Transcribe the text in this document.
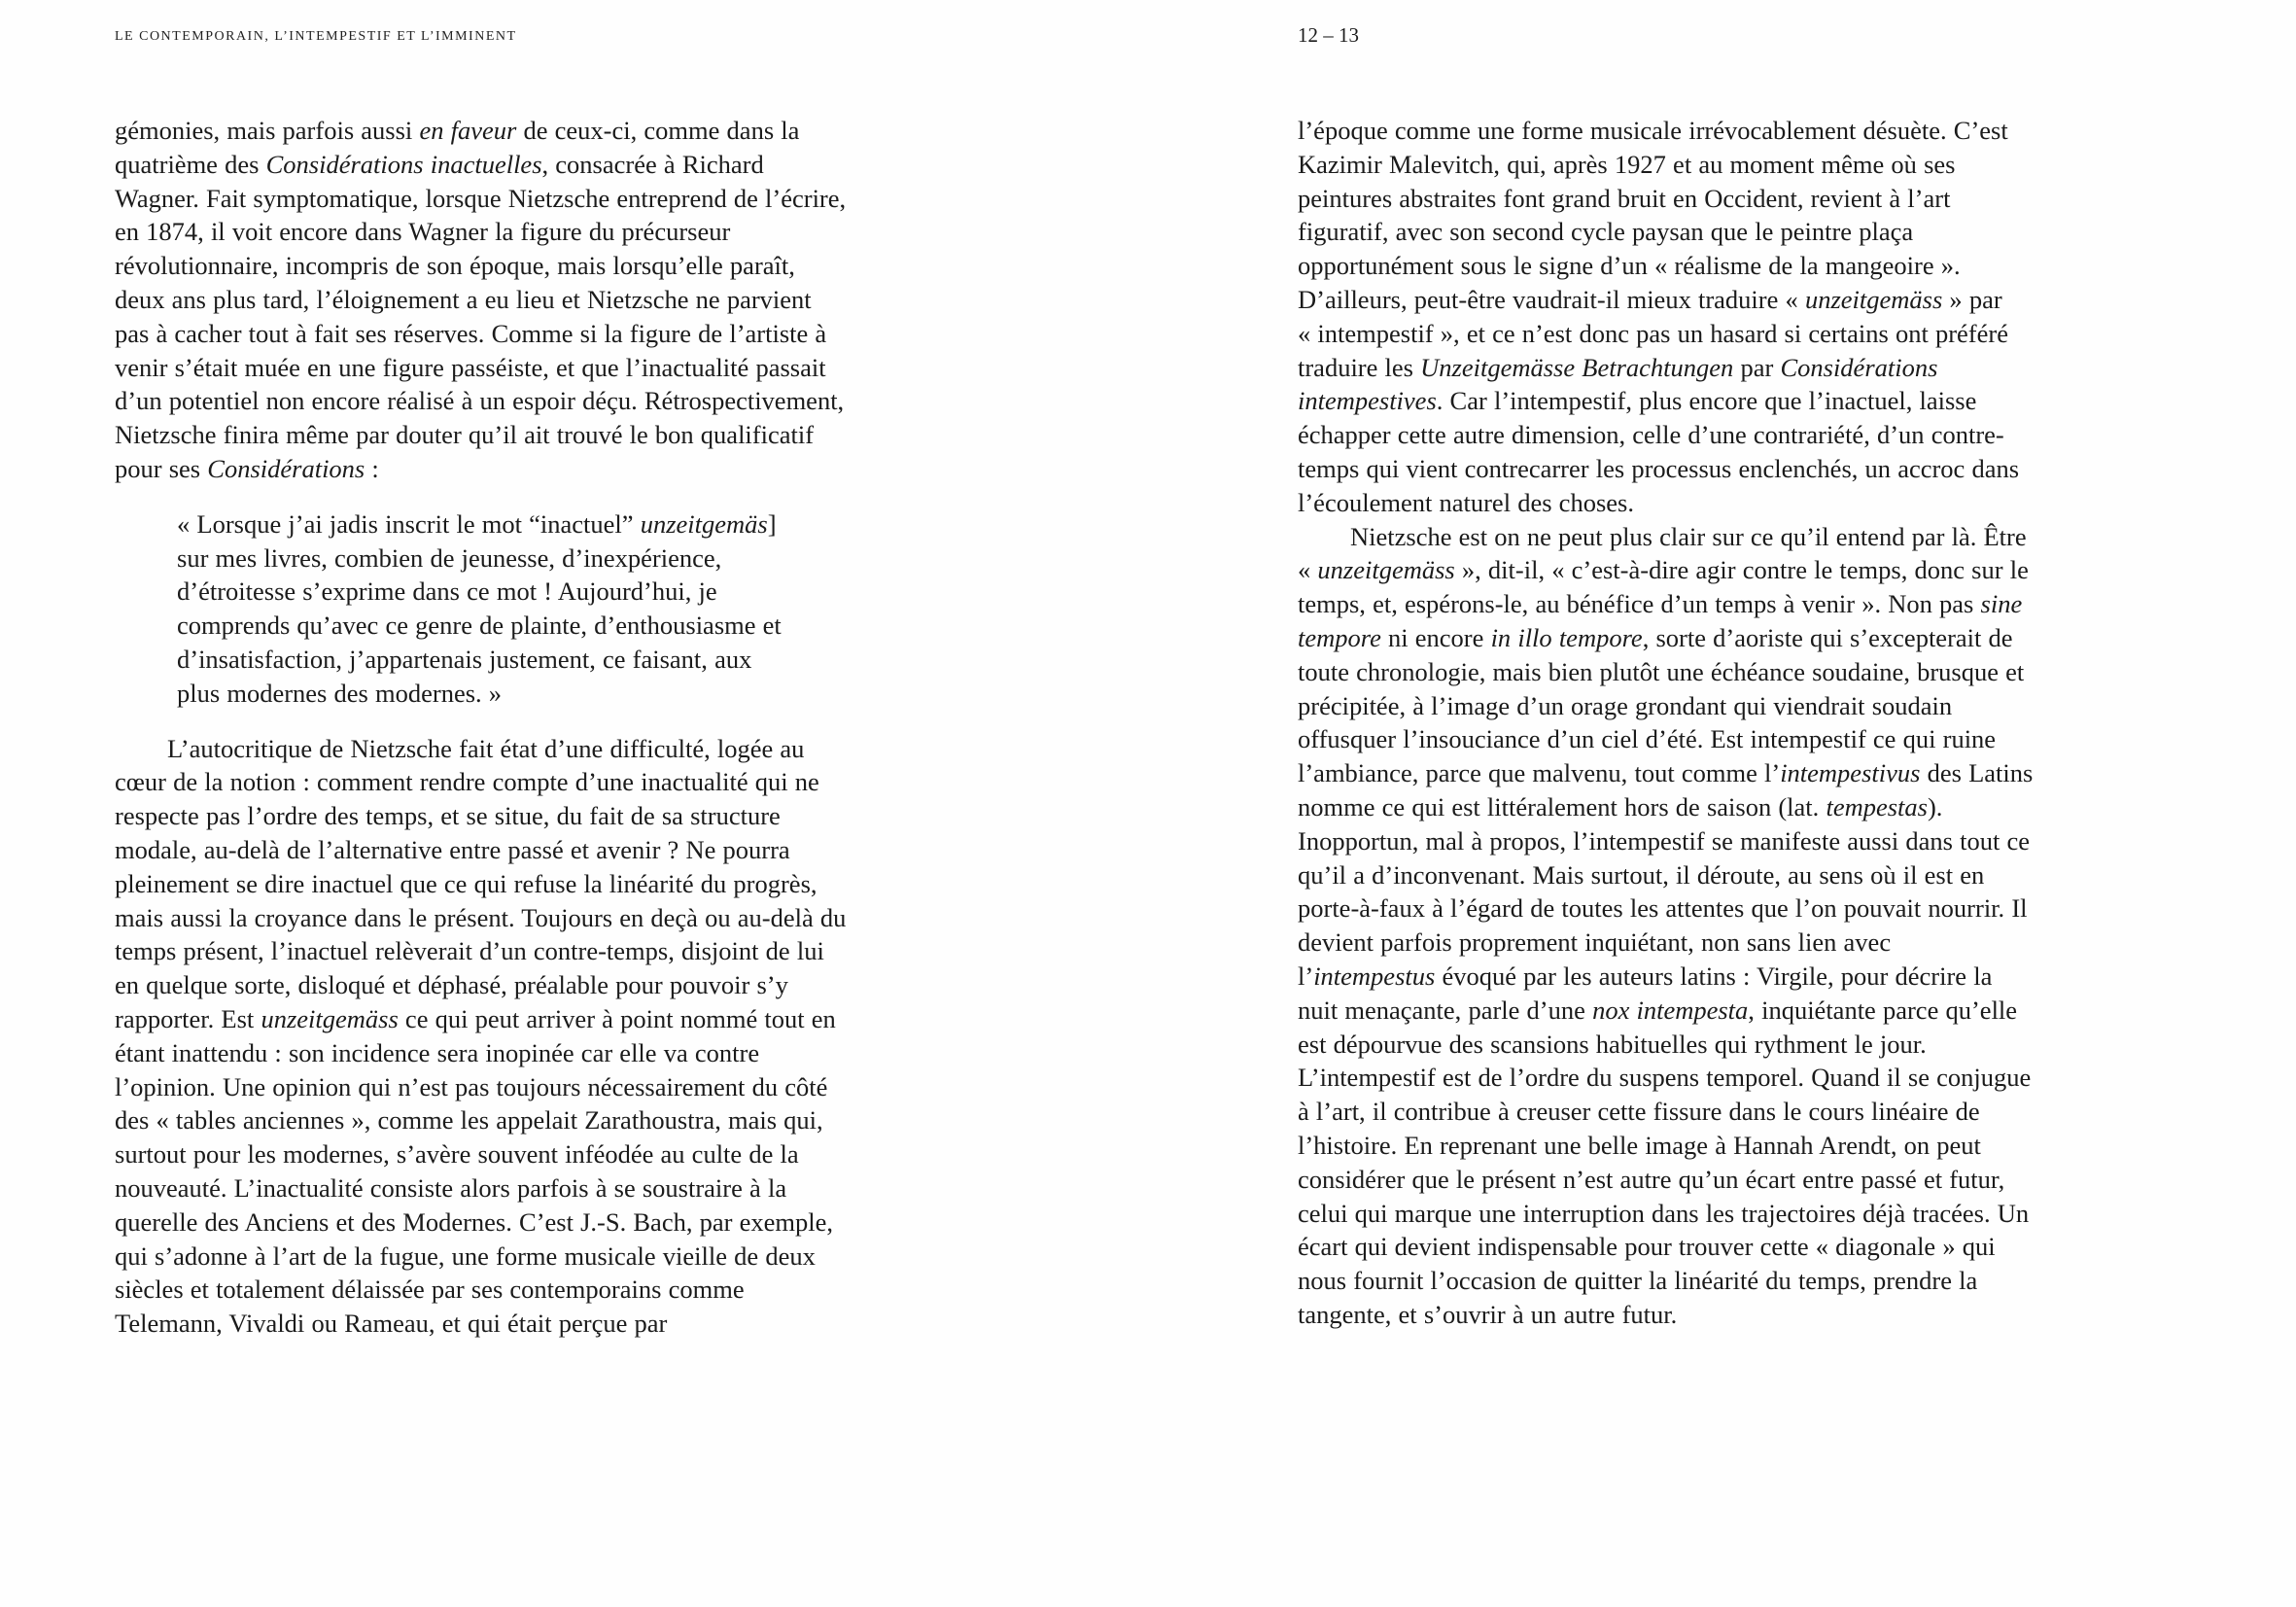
LE CONTEMPORAIN, L’INTEMPESTIF ET L’IMMINENT	12 – 13

gémonies, mais parfois aussi en faveur de ceux-ci, comme dans la quatrième des Considérations inactuelles, consacrée à Richard Wagner. Fait symptomatique, lorsque Nietzsche entreprend de l’écrire, en 1874, il voit encore dans Wagner la figure du précurseur révolutionnaire, incompris de son époque, mais lorsqu’elle paraît, deux ans plus tard, l’éloignement a eu lieu et Nietzsche ne parvient pas à cacher tout à fait ses réserves. Comme si la figure de l’artiste à venir s’était muée en une figure passéiste, et que l’inactualité passait d’un potentiel non encore réalisé à un espoir déçu. Rétrospectivement, Nietzsche finira même par douter qu’il ait trouvé le bon qualificatif pour ses Considérations :

« Lorsque j’ai jadis inscrit le mot “inactuel” unzeitgemäs] sur mes livres, combien de jeunesse, d’inexpérience, d’étroitesse s’exprime dans ce mot ! Aujourd’hui, je comprends qu’avec ce genre de plainte, d’enthousiasme et d’insatisfaction, j’appartenais justement, ce faisant, aux plus modernes des modernes. »

L’autocritique de Nietzsche fait état d’une difficulté, logée au cœur de la notion : comment rendre compte d’une inactualité qui ne respecte pas l’ordre des temps, et se situe, du fait de sa structure modale, au-delà de l’alternative entre passé et avenir ? Ne pourra pleinement se dire inactuel que ce qui refuse la linéarité du progrès, mais aussi la croyance dans le présent. Toujours en deçà ou au-delà du temps présent, l’inactuel relèverait d’un contre-temps, disjoint de lui en quelque sorte, disloqué et déphasé, préalable pour pouvoir s’y rapporter. Est unzeitgemäss ce qui peut arriver à point nommé tout en étant inattendu : son incidence sera inopinée car elle va contre l’opinion. Une opinion qui n’est pas toujours nécessairement du côté des « tables anciennes », comme les appelait Zarathoustra, mais qui, surtout pour les modernes, s’avère souvent inféodée au culte de la nouveauté. L’inactualité consiste alors parfois à se soustraire à la querelle des Anciens et des Modernes. C’est J.-S. Bach, par exemple, qui s’adonne à l’art de la fugue, une forme musicale vieille de deux siècles et totalement délaissée par ses contemporains comme Telemann, Vivaldi ou Rameau, et qui était perçue par

l’époque comme une forme musicale irrévocablement désuète. C’est Kazimir Malevitch, qui, après 1927 et au moment même où ses peintures abstraites font grand bruit en Occident, revient à l’art figuratif, avec son second cycle paysan que le peintre plaça opportunément sous le signe d’un « réalisme de la mangeoire ». D’ailleurs, peut-être vaudrait-il mieux traduire « unzeitgemäss » par « intempestif », et ce n’est donc pas un hasard si certains ont préféré traduire les Unzeitgemässe Betrachtungen par Considérations intempestives. Car l’intempestif, plus encore que l’inactuel, laisse échapper cette autre dimension, celle d’une contrariété, d’un contre-temps qui vient contrecarrer les processus enclenchés, un accroc dans l’écoulement naturel des choses.

Nietzsche est on ne peut plus clair sur ce qu’il entend par là. Être « unzeitgemäss », dit-il, « c’est-à-dire agir contre le temps, donc sur le temps, et, espérons-le, au bénéfice d’un temps à venir ». Non pas sine tempore ni encore in illo tempore, sorte d’aoriste qui s’excepterait de toute chronologie, mais bien plutôt une échéance soudaine, brusque et précipitée, à l’image d’un orage grondant qui viendrait soudain offusquer l’insouciance d’un ciel d’été. Est intempestif ce qui ruine l’ambiance, parce que malvenu, tout comme l’intempestivus des Latins nomme ce qui est littéralement hors de saison (lat. tempestas). Inopportun, mal à propos, l’intempestif se manifeste aussi dans tout ce qu’il a d’inconvenant. Mais surtout, il déroute, au sens où il est en porte-à-faux à l’égard de toutes les attentes que l’on pouvait nourrir. Il devient parfois proprement inquiétant, non sans lien avec l’intempestus évoqué par les auteurs latins : Virgile, pour décrire la nuit menaçante, parle d’une nox intempesta, inquiétante parce qu’elle est dépourvue des scansions habituelles qui rythment le jour. L’intempestif est de l’ordre du suspens temporel. Quand il se conjugue à l’art, il contribue à creuser cette fissure dans le cours linéaire de l’histoire. En reprenant une belle image à Hannah Arendt, on peut considérer que le présent n’est autre qu’un écart entre passé et futur, celui qui marque une interruption dans les trajectoires déjà tracées. Un écart qui devient indispensable pour trouver cette « diagonale » qui nous fournit l’occasion de quitter la linéarité du temps, prendre la tangente, et s’ouvrir à un autre futur.
